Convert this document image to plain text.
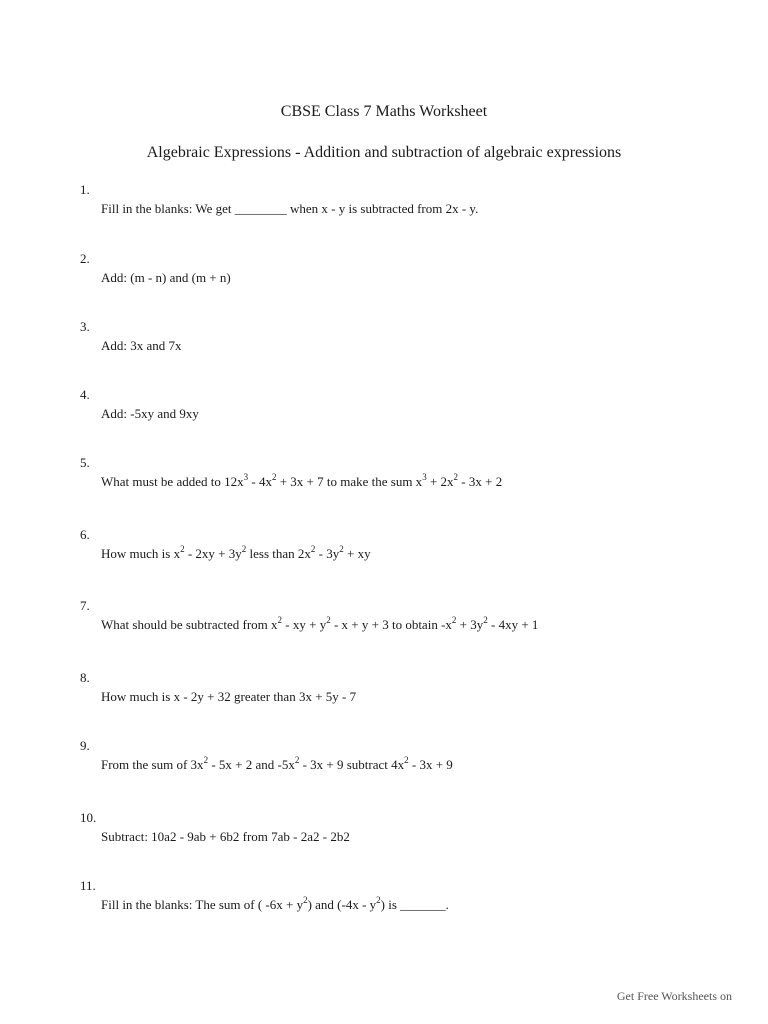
CBSE Class 7 Maths Worksheet
Algebraic Expressions - Addition and subtraction of algebraic expressions
1.
Fill in the blanks: We get ________ when x - y is subtracted from 2x - y.
2.
Add: (m - n) and (m + n)
3.
Add: 3x and 7x
4.
Add: -5xy and 9xy
5.
What must be added to $12x^3 - 4x^2 + 3x + 7$ to make the sum $x^3 + 2x^2 - 3x + 2$
6.
How much is $x^2 - 2xy + 3y^2$ less than $2x^2 - 3y^2$ + xy
7.
What should be subtracted from $x^2$ - xy + $y^2 - x + y + 3$ to obtain $-x^2 + 3y^2 - 4xy + 1$
8.
How much is x - 2y + 32 greater than 3x + 5y - 7
9.
From the sum of $3x^2 - 5x + 2$ and $-5x^2 - 3x + 9$ subtract $4x^2 - 3x + 9$
10.
Subtract: 10a2 - 9ab + 6b2 from 7ab - 2a2 - 2b2
11.
Fill in the blanks: The sum of ( $-6x + y^2$) and $(-4x - y^2)$ is _______.
Get Free Worksheets on
